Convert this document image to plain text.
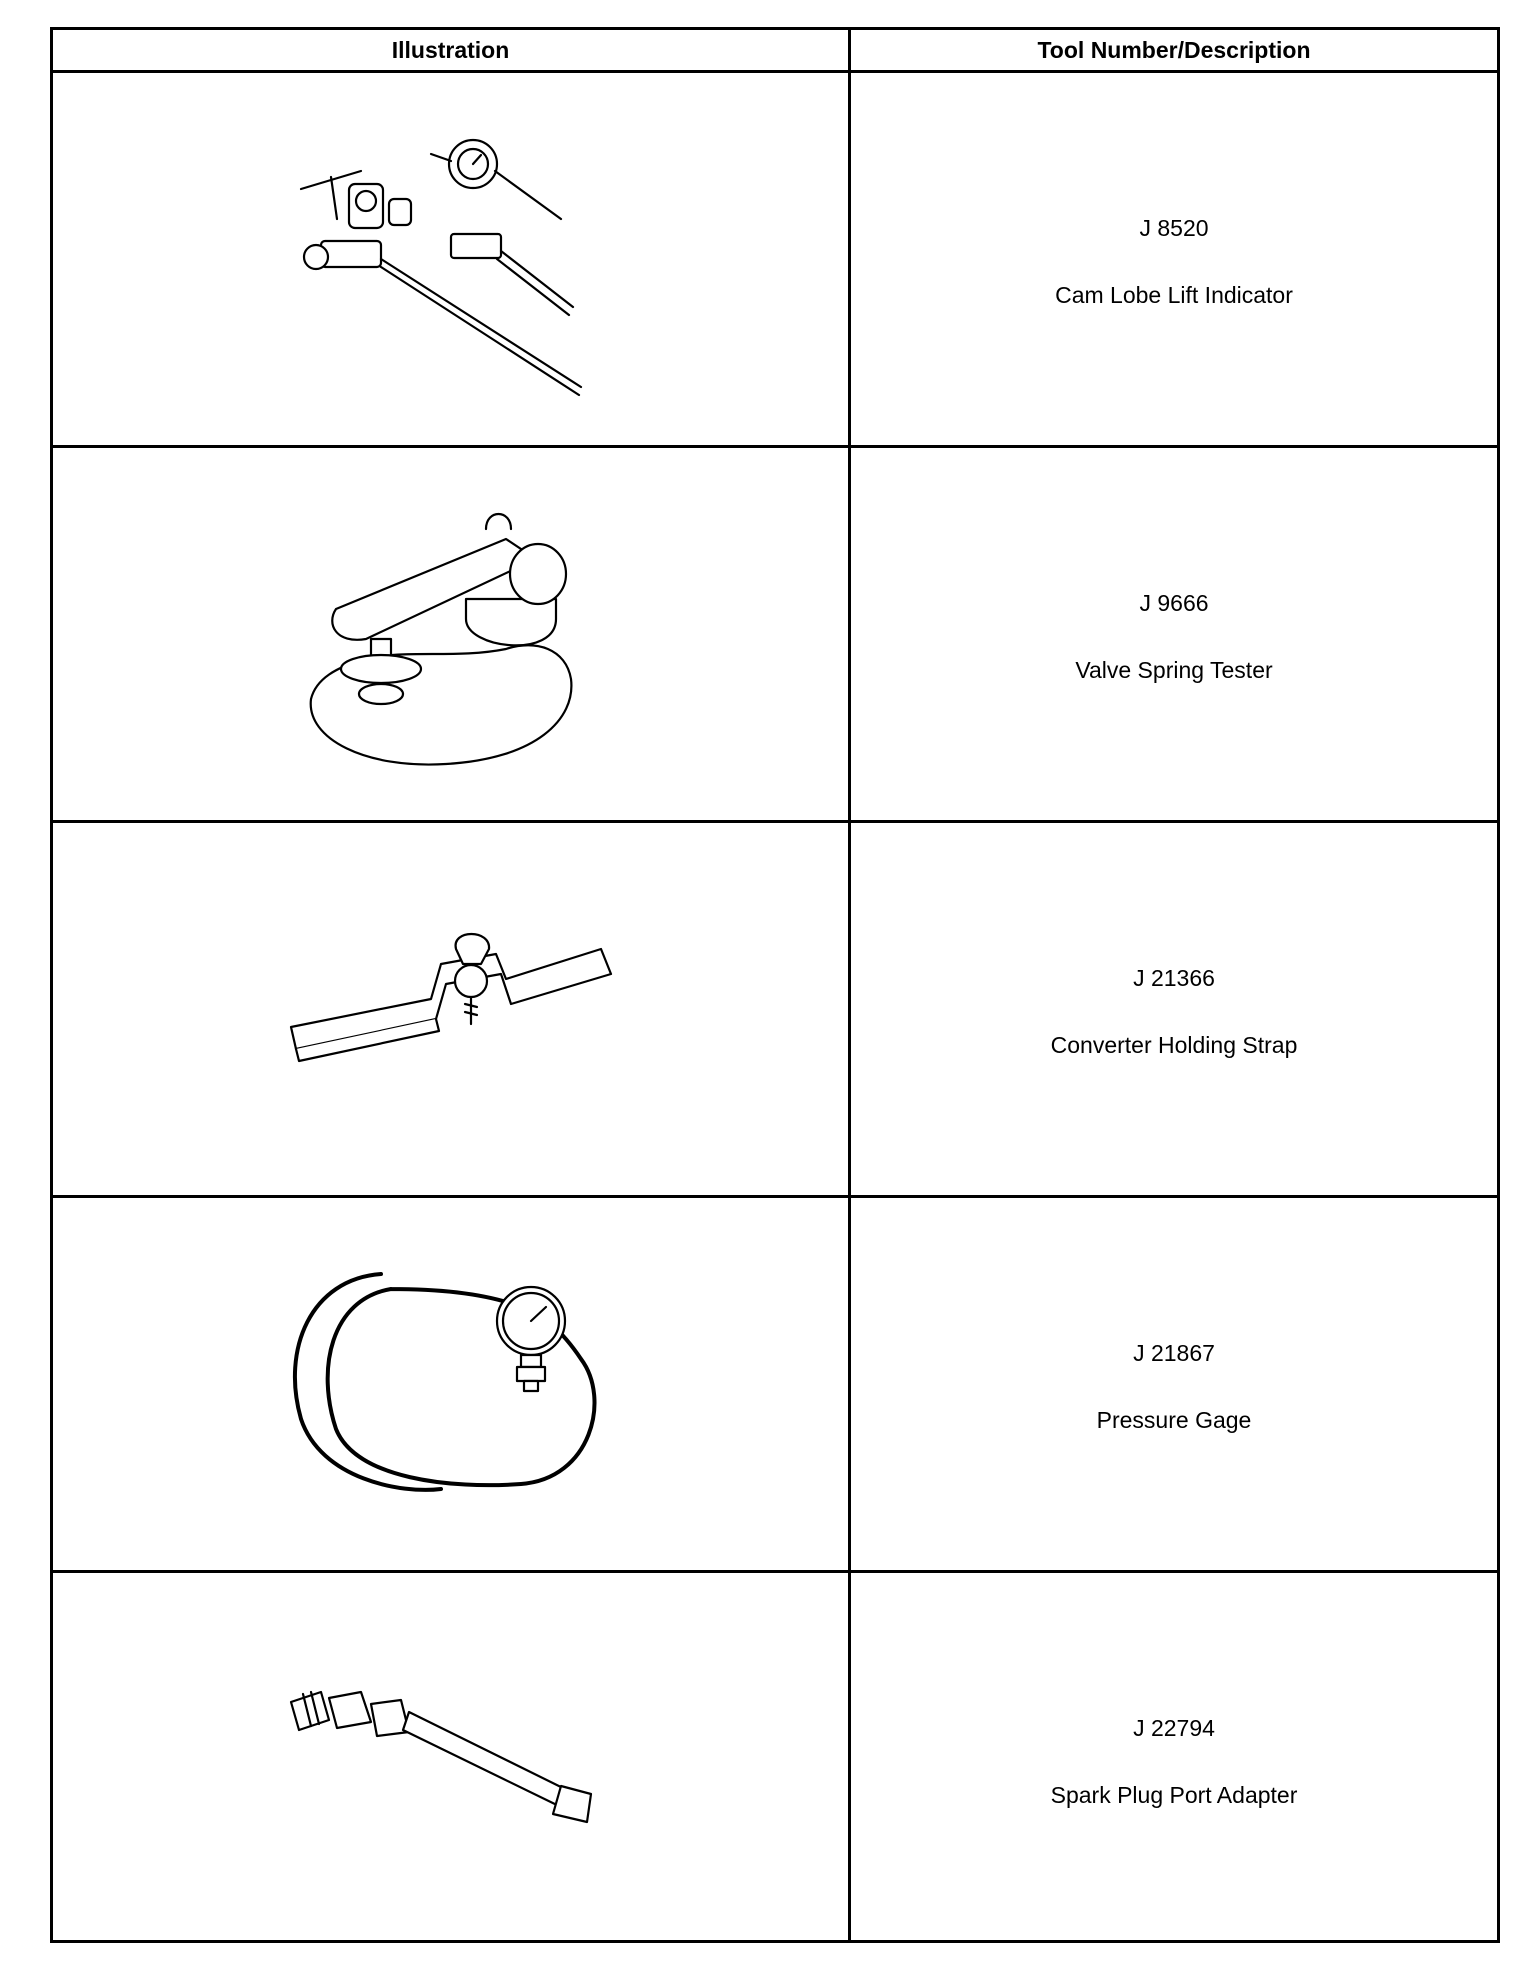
Illustration	Tool Number/Description
J 8520
Cam Lobe Lift Indicator
J 9666
Valve Spring Tester
J 21366
Converter Holding Strap
J 21867
Pressure Gage
J 22794
Spark Plug Port Adapter
